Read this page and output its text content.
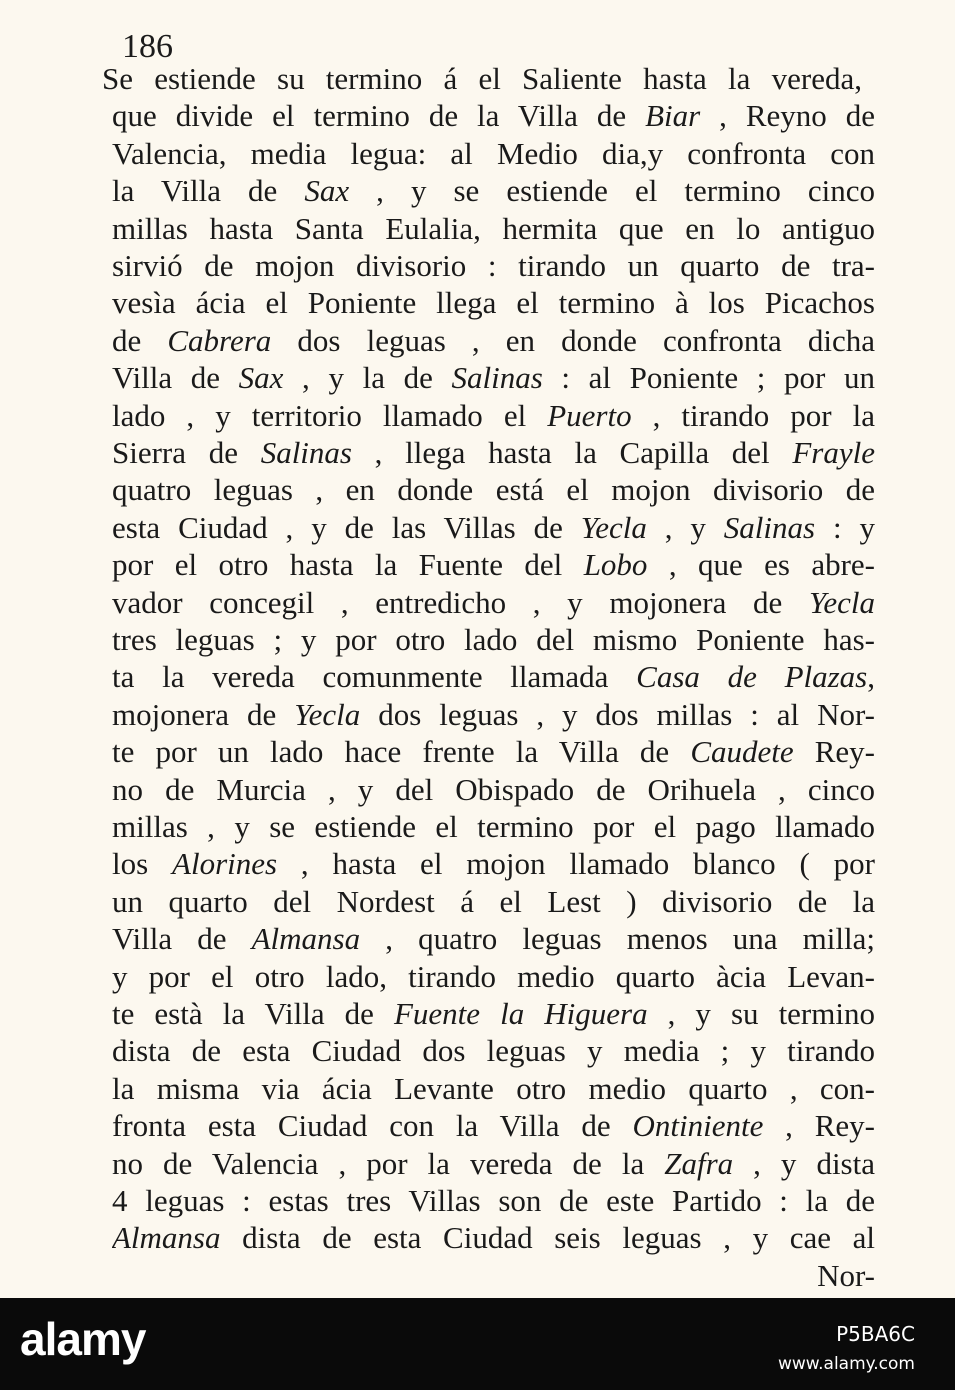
186
Se estiende su termino á el Saliente hasta la vereda,
que divide el termino de la Villa de Biar , Reyno de
Valencia, media legua: al Medio dia,y confronta con
la Villa de Sax , y se estiende el termino cinco
millas hasta Santa Eulalia, hermita que en lo antiguo
sirvió de mojon divisorio : tirando un quarto de tra-
vesìa ácia el Poniente llega el termino à los Picachos
de Cabrera dos leguas , en donde confronta dicha
Villa de Sax , y la de Salinas : al Poniente ; por un
lado , y territorio llamado el Puerto , tirando por la
Sierra de Salinas , llega hasta la Capilla del Frayle
quatro leguas , en donde está el mojon divisorio de
esta Ciudad , y de las Villas de Yecla , y Salinas : y
por el otro hasta la Fuente del Lobo , que es abre-
vador concegil , entredicho , y mojonera de Yecla
tres leguas ; y por otro lado del mismo Poniente has-
ta la vereda comunmente llamada Casa de Plazas,
mojonera de Yecla dos leguas , y dos millas : al Nor-
te por un lado hace frente la Villa de Caudete Rey-
no de Murcia , y del Obispado de Orihuela , cinco
millas , y se estiende el termino por el pago llamado
los Alorines , hasta el mojon llamado blanco ( por
un quarto del Nordest á el Lest ) divisorio de la
Villa de Almansa , quatro leguas menos una milla;
y por el otro lado, tirando medio quarto àcia Levan-
te està la Villa de Fuente la Higuera , y su termino
dista de esta Ciudad dos leguas y media ; y tirando
la misma via ácia Levante otro medio quarto , con-
fronta esta Ciudad con la Villa de Ontiniente , Rey-
no de Valencia , por la vereda de la Zafra , y dista
4 leguas : estas tres Villas son de este Partido : la de
Almansa dista de esta Ciudad seis leguas , y cae al
Nor-
alamy	P5BA6C
www.alamy.com
